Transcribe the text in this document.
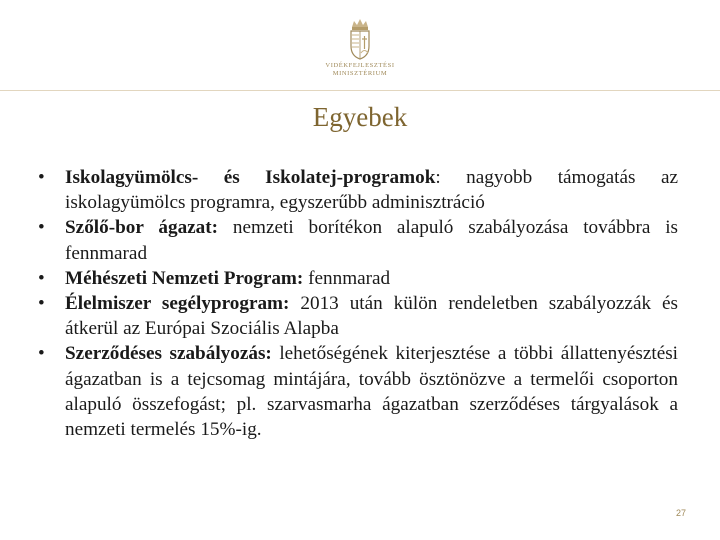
VIDÉKFEJLESZTÉSI
MINISZTÉRIUM
Egyebek
• Iskolagyümölcs- és Iskolatej-programok: nagyobb támogatás az iskolagyümölcs programra, egyszerűbb adminisztráció
• Szőlő-bor ágazat: nemzeti borítékon alapuló szabályozása továbbra is fennmarad
• Méhészeti Nemzeti Program: fennmarad
• Élelmiszer segélyprogram: 2013 után külön rendeletben szabályozzák és átkerül az Európai Szociális Alapba
• Szerződéses szabályozás: lehetőségének kiterjesztése a többi állattenyésztési ágazatban is a tejcsomag mintájára, tovább ösztönözve a termelői csoporton alapuló összefogást; pl. szarvasmarha ágazatban szerződéses tárgyalások a nemzeti termelés 15%-ig.
27
